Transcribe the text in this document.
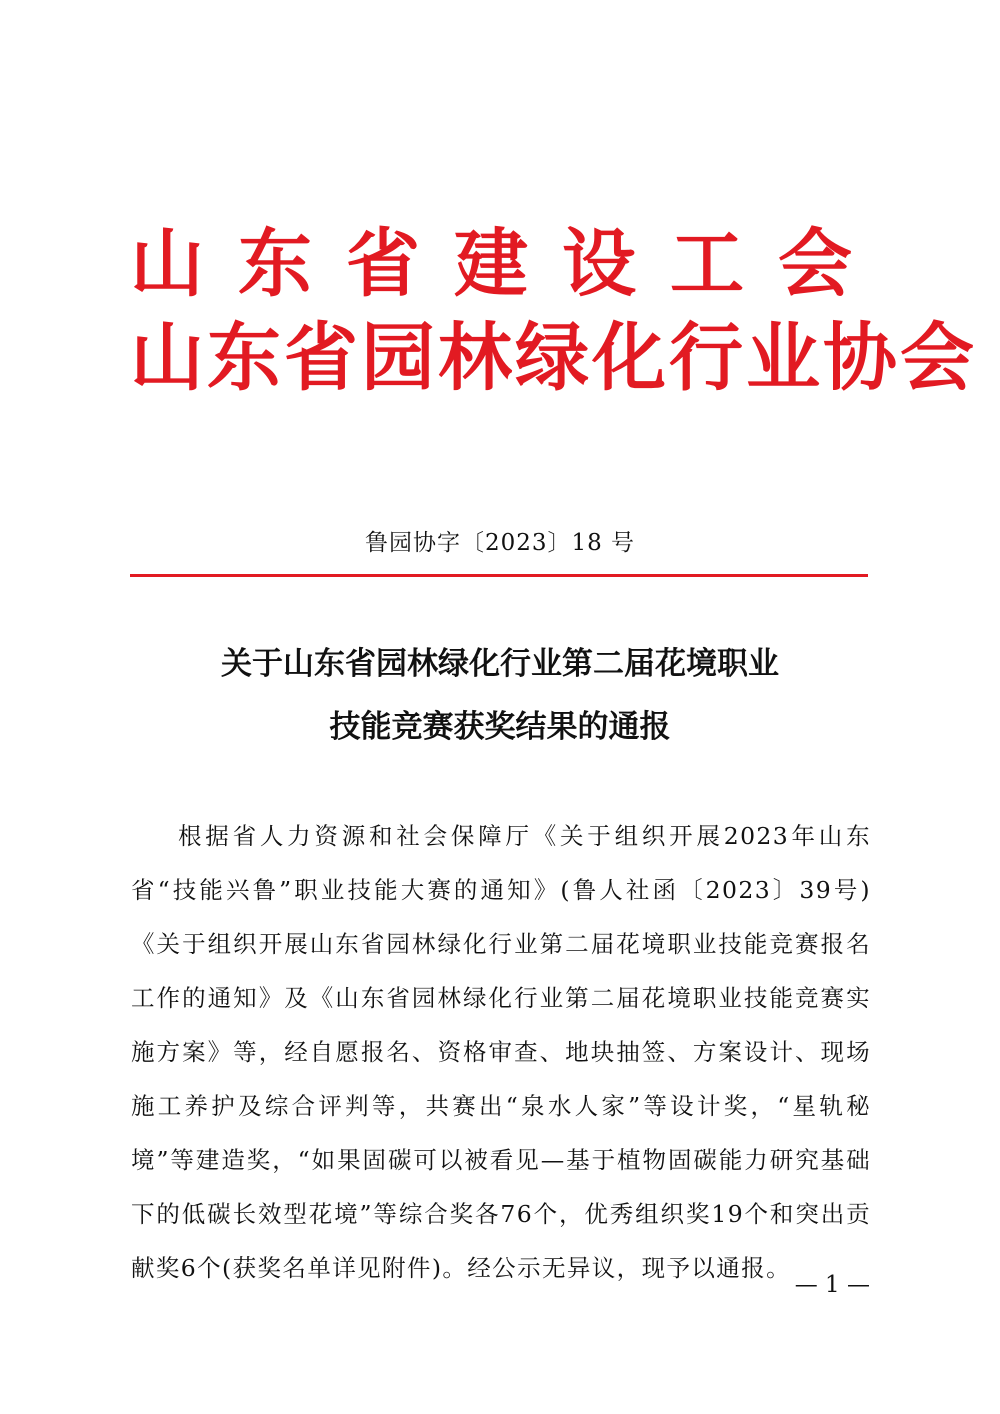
山东省建设工会
山东省园林绿化行业协会
鲁园协字〔2023〕18 号
关于山东省园林绿化行业第二届花境职业
技能竞赛获奖结果的通报
根据省人力资源和社会保障厅《关于组织开展2023年山东省“技能兴鲁”职业技能大赛的通知》(鲁人社函〔2023〕39号)《关于组织开展山东省园林绿化行业第二届花境职业技能竞赛报名工作的通知》及《山东省园林绿化行业第二届花境职业技能竞赛实施方案》等，经自愿报名、资格审查、地块抽签、方案设计、现场施工养护及综合评判等，共赛出“泉水人家”等设计奖，“星轨秘境”等建造奖，“如果固碳可以被看见—基于植物固碳能力研究基础下的低碳长效型花境”等综合奖各76个，优秀组织奖19个和突出贡献奖6个(获奖名单详见附件)。经公示无异议，现予以通报。
— 1 —
